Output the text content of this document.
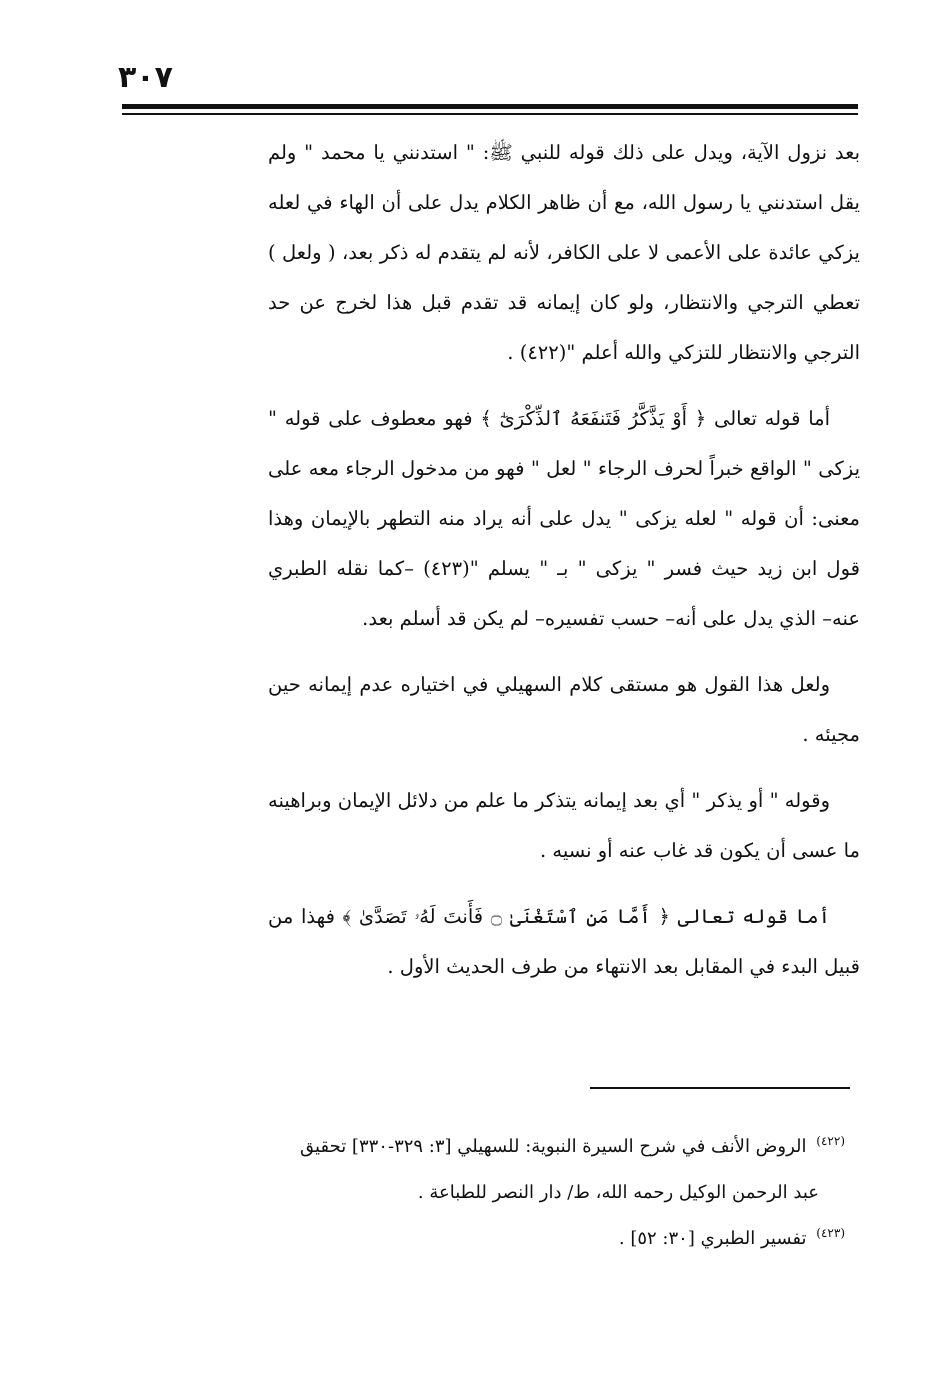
٣٠٧

بعد نزول الآية، ويدل على ذلك قوله للنبي ﷺ: " استدنني يا محمد " ولم يقل استدنني يا رسول الله، مع أن ظاهر الكلام يدل على أن الهاء في لعله يزكي عائدة على الأعمى لا على الكافر، لأنه لم يتقدم له ذكر بعد، ( ولعل ) تعطي الترجي والانتظار، ولو كان إيمانه قد تقدم قبل هذا لخرج عن حد الترجي والانتظار للتزكي والله أعلم "(٤٢٢) .

أما قوله تعالى ﴿ أَوْ يَذَّكَّرُ فَتَنفَعَهُ ٱلذِّكْرَىٰٓ ﴾ فهو معطوف على قوله " يزكى " الواقع خبراً لحرف الرجاء " لعل " فهو من مدخول الرجاء معه على معنى: أن قوله " لعله يزكى " يدل على أنه يراد منه التطهر بالإيمان وهذا قول ابن زيد حيث فسر " يزكى " بـ " يسلم "(٤٢٣) –كما نقله الطبري عنه– الذي يدل على أنه– حسب تفسيره– لم يكن قد أسلم بعد.

ولعل هذا القول هو مستقى كلام السهيلي في اختياره عدم إيمانه حين مجيئه .

وقوله " أو يذكر " أي بعد إيمانه يتذكر ما علم من دلائل الإيمان وبراهينه ما عسى أن يكون قد غاب عنه أو نسيه .

أما قوله تعالى ﴿ أَمَّا مَنِ ٱسْتَغْنَىٰ ۝ فَأَنتَ لَهُۥ تَصَدَّىٰ ﴾ فهذا من قبيل البدء في المقابل بعد الانتهاء من طرف الحديث الأول .

$^{(٤٢٢)}$ الروض الأنف في شرح السيرة النبوية: للسهيلي [٣: ٣٢٩-٣٣٠] تحقيق

عبد الرحمن الوكيل رحمه الله، ط/ دار النصر للطباعة .

$^{(٤٢٣)}$ تفسير الطبري [٣٠: ٥٢] .
